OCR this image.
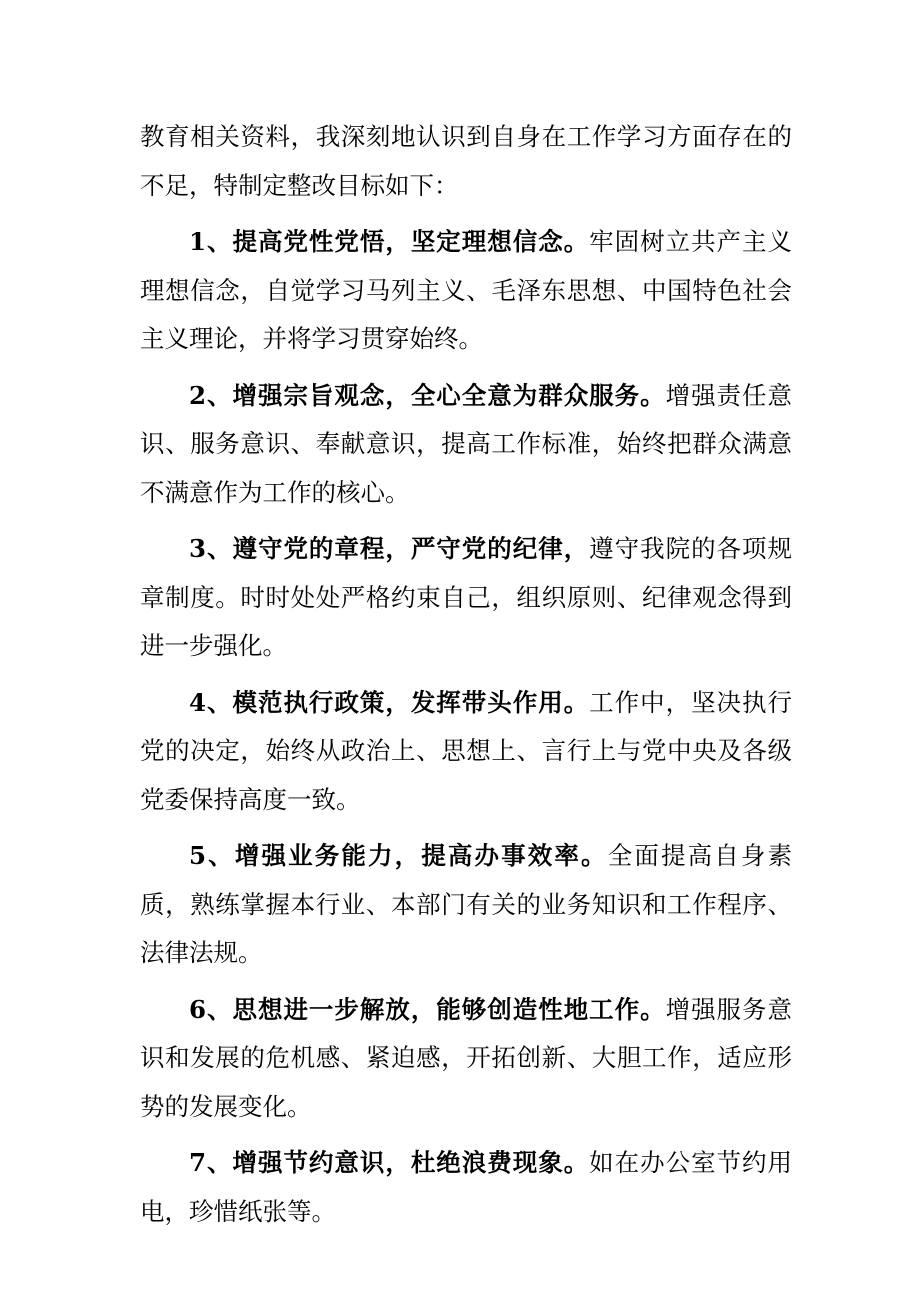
教育相关资料，我深刻地认识到自身在工作学习方面存在的不足，特制定整改目标如下：

1、提高党性党悟，坚定理想信念。牢固树立共产主义理想信念，自觉学习马列主义、毛泽东思想、中国特色社会主义理论，并将学习贯穿始终。

2、增强宗旨观念，全心全意为群众服务。增强责任意识、服务意识、奉献意识，提高工作标准，始终把群众满意不满意作为工作的核心。

3、遵守党的章程，严守党的纪律，遵守我院的各项规章制度。时时处处严格约束自己，组织原则、纪律观念得到进一步强化。

4、模范执行政策，发挥带头作用。工作中，坚决执行党的决定，始终从政治上、思想上、言行上与党中央及各级党委保持高度一致。

5、增强业务能力，提高办事效率。全面提高自身素质，熟练掌握本行业、本部门有关的业务知识和工作程序、法律法规。

6、思想进一步解放，能够创造性地工作。增强服务意识和发展的危机感、紧迫感，开拓创新、大胆工作，适应形势的发展变化。

7、增强节约意识，杜绝浪费现象。如在办公室节约用电，珍惜纸张等。
